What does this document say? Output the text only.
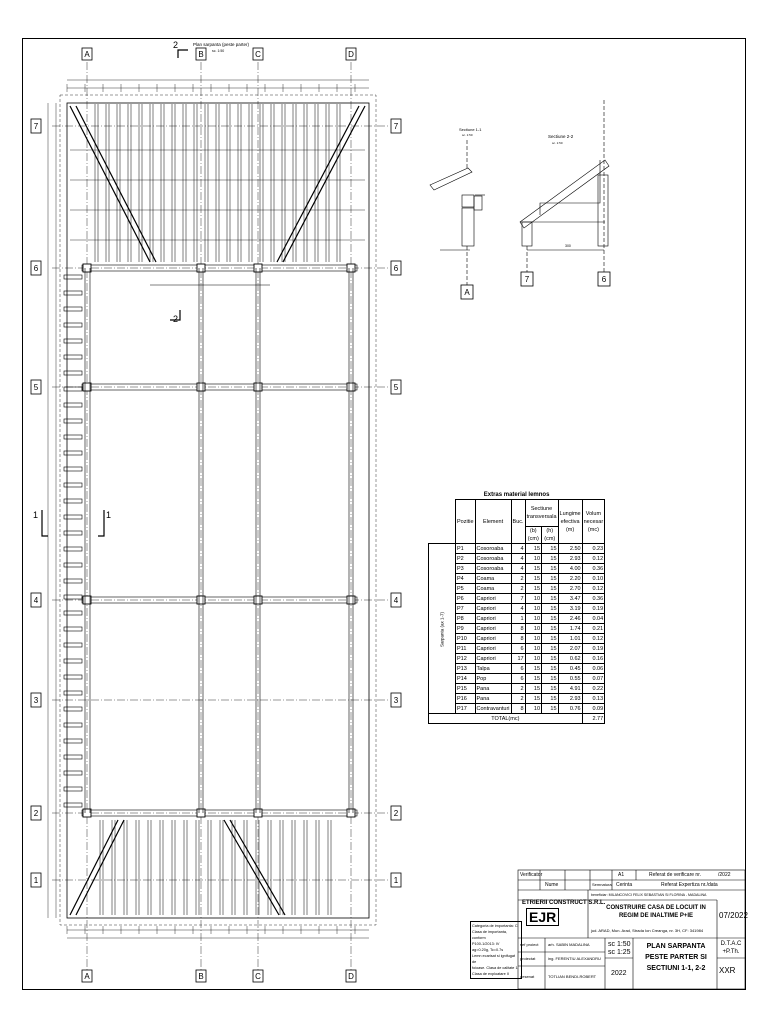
Plan sarpanta (peste parter)
sc. 1:50
2
2
1	1
A
A
B
B
C
C
D
D
7	7
6	6
5	5
4	4
3	3
2	2
1	1
A
7	6
Sectiune 1-1
sc. 1:50	Sectiune 2-2
sc. 1:50
300
Extras material lemnos							
	Pozitie	Element	Buc.	Sectiune transversala		Lungime efectiva (m)	Volum necesar (mc)
				(b)(cm)	(h)(cm)		
Sarpanta (ax 1-7)	P1	Cosoroaba	4	15	15	2.50	0.23
	P2	Cosoroaba	4	10	15	2.93	0.12
	P3	Cosoroaba	4	15	15	4.00	0.36
	P4	Coama	2	15	15	2.20	0.10
	P5	Coama	2	15	15	2.70	0.12
	P6	Capriori	7	10	15	3.47	0.36
	P7	Capriori	4	10	15	3.19	0.19
	P8	Capriori	1	10	15	2.46	0.04
	P9	Capriori	8	10	15	1.74	0.21
	P10	Capriori	8	10	15	1.01	0.12
	P11	Capriori	6	10	15	2.07	0.19
	P12	Capriori	17	10	15	0.62	0.16
	P13	Talpa	6	15	15	0.45	0.06
	P14	Pop	6	15	15	0.55	0.07
	P15	Pana	2	15	15	4.91	0.22
	P16	Pana	2	15	15	2.93	0.13
	P17	Contravanturi	8	10	15	0.76	0.09
TOTAL(mc)							2.77
Verificator
Nume	Semnatura Cerinta
A1	Referat de verificare nr.	/2022
Referat Expertiza nr./data
ETRIERII CONSTRUCT S.R.L.
EJR
beneficiar: MILANCOVICI FELIX SEBASTIAN SI FLORINA - MADALINA
CONSTRUIRE CASA DE LOCUIT IN REGIM DE INALTIME P+IE
jud. ARAD, Mun. Arad, Strada Ion Creanga, nr. 3H, CF: 341984
07/2022
sef proiect arh. SABIN MADALINA
proiectat	ing. FERENTIU ALEXANDRU
desenat	TOTLIAN BENDI-ROBERT
sc 1:50
sc 1:25
2022
PLAN SARPANTA PESTE PARTER SI SECTIUNI 1-1, 2-2
D.T.A.C +P.Th.
XXR
Categoria de importanta: C
Clasa de importanta, conform
P100-1/2013: IV
ag=0.20g, Tc=0.7s
Lemn ecarisat si ignifugat de
foioase. Clasa de calitate 1
Clasa de exploatare II
